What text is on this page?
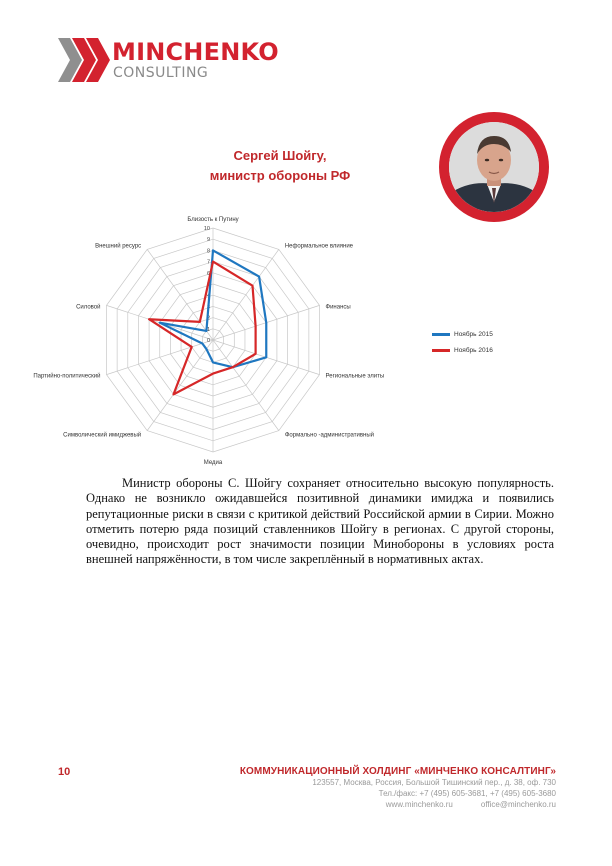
MINCHENKO
CONSULTING
Сергей Шойгу,
министр обороны РФ
0
1
2
3
4
5
6
7
8
9
10
Близость к Путину
Неформальное влияние
Финансы
Региональные элиты
Формально -административный
Медиа
Символический имиджевый
Партийно-политический
Силовой
Внешний ресурс
Ноябрь 2015
Ноябрь 2016
Министр обороны С. Шойгу сохраняет относительно высокую популярность. Однако не возникло ожидавшейся позитивной динамики имиджа и появились репутационные риски в связи с критикой действий Российской армии в Сирии. Можно отметить потерю ряда позиций ставленников Шойгу в регионах. С другой стороны, очевидно, происходит рост значимости позиции Минобороны в условиях роста внешней напряжённости, в том числе закреплённый в нормативных актах.
10	КОММУНИКАЦИОННЫЙ ХОЛДИНГ «МИНЧЕНКО КОНСАЛТИНГ»
123557, Москва, Россия, Большой Тишинский пер., д. 38, оф. 730
Тел./факс: +7 (495) 605-3681, +7 (495) 605-3680
www.minchenko.ru	office@minchenko.ru
